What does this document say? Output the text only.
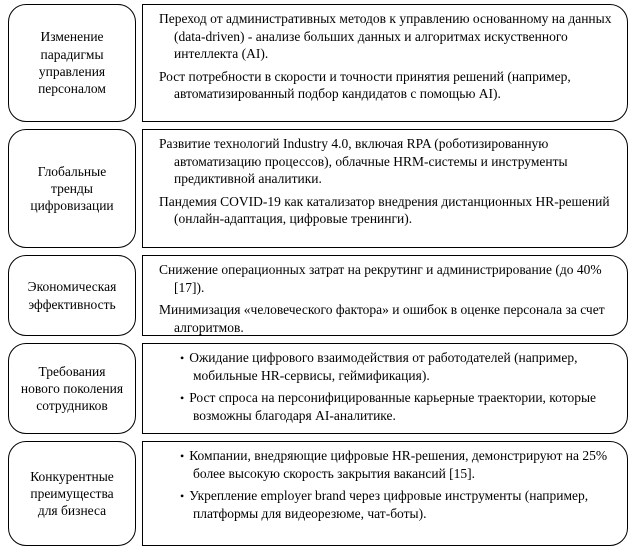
Изменение парадигмы управления персоналом

Переход от административных методов к управлению основанному на данных (data-driven) - анализе больших данных и алгоритмах искуственного интеллекта (AI).

Рост потребности в скорости и точности принятия решений (например, автоматизированный подбор кандидатов с помощью AI).

Глобальные тренды цифровизации

Развитие технологий Industry 4.0, включая RPA (роботизированную автоматизацию процессов), облачные HRM-системы и инструменты предиктивной аналитики.

Пандемия COVID-19 как катализатор внедрения дистанционных HR-решений (онлайн-адаптация, цифровые тренинги).

Экономическая эффективность

Снижение операционных затрат на рекрутинг и администрирование (до 40% [17]).

Минимизация «человеческого фактора» и ошибок в оценке персонала за счет алгоритмов.

Требования нового поколения сотрудников

• Ожидание цифрового взаимодействия от работодателей (например, мобильные HR-сервисы, геймификация).

• Рост спроса на персонифицированные карьерные траектории, которые возможны благодаря AI-аналитике.

Конкурентные преимущества для бизнеса

• Компании, внедряющие цифровые HR-решения, демонстрируют на 25% более высокую скорость закрытия вакансий [15].

• Укрепление employer brand через цифровые инструменты (например, платформы для видеорезюме, чат-боты).
